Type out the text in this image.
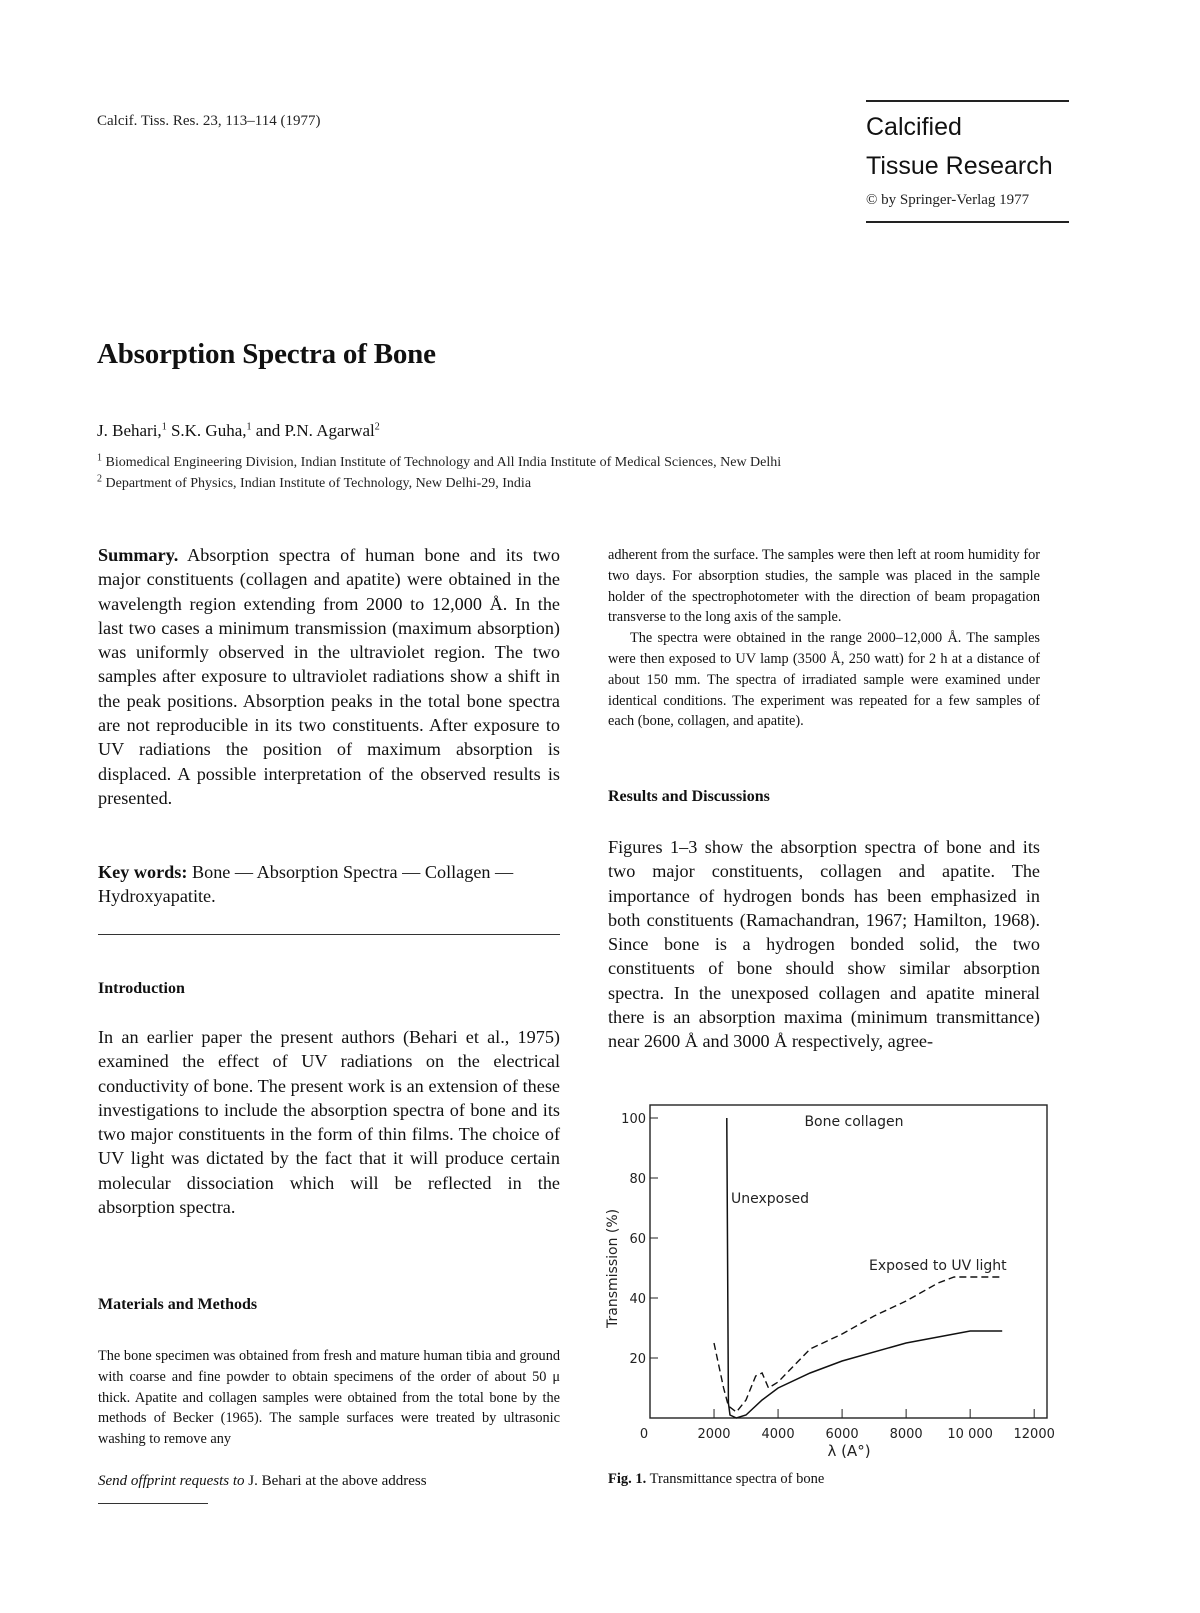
Calcif. Tiss. Res. 23, 113–114 (1977)	Calcified
Tissue Research
© by Springer-Verlag 1977
Absorption Spectra of Bone
J. Behari,$^1$ S.K. Guha,$^1$ and P.N. Agarwal$^2$
$^1$ Biomedical Engineering Division, Indian Institute of Technology and All India Institute of Medical Sciences, New Delhi
$^2$ Department of Physics, Indian Institute of Technology, New Delhi-29, India

Summary. Absorption spectra of human bone and its two major constituents (collagen and apatite) were obtained in the wavelength region extending from 2000 to 12,000 Å. In the last two cases a minimum transmission (maximum absorption) was uniformly observed in the ultraviolet region. The two samples after exposure to ultraviolet radiations show a shift in the peak positions. Absorption peaks in the total bone spectra are not reproducible in its two constituents. After exposure to UV radiations the position of maximum absorption is displaced. A possible interpretation of the observed results is presented.

Key words: Bone — Absorption Spectra — Collagen — Hydroxyapatite.

Introduction

In an earlier paper the present authors (Behari et al., 1975) examined the effect of UV radiations on the electrical conductivity of bone. The present work is an extension of these investigations to include the absorption spectra of bone and its two major constituents in the form of thin films. The choice of UV light was dictated by the fact that it will produce certain molecular dissociation which will be reflected in the absorption spectra.

Materials and Methods

The bone specimen was obtained from fresh and mature human tibia and ground with coarse and fine powder to obtain specimens of the order of about 50 μ thick. Apatite and collagen samples were obtained from the total bone by the methods of Becker (1965). The sample surfaces were treated by ultrasonic washing to remove any

Send offprint requests to J. Behari at the above address

adherent from the surface. The samples were then left at room humidity for two days. For absorption studies, the sample was placed in the sample holder of the spectrophotometer with the direction of beam propagation transverse to the long axis of the sample.

The spectra were obtained in the range 2000–12,000 Å. The samples were then exposed to UV lamp (3500 Å, 250 watt) for 2 h at a distance of about 150 mm. The spectra of irradiated sample were examined under identical conditions. The experiment was repeated for a few samples of each (bone, collagen, and apatite).

Results and Discussions

Figures 1–3 show the absorption spectra of bone and its two major constituents, collagen and apatite. The importance of hydrogen bonds has been emphasized in both constituents (Ramachandran, 1967; Hamilton, 1968). Since bone is a hydrogen bonded solid, the two constituents of bone should show similar absorption spectra. In the unexposed collagen and apatite mineral there is an absorption maxima (minimum transmittance) near 2600 Å and 3000 Å respectively, agree-

20
40
60
80
100
0	2000 4000 6000 8000 10 000 12000
Transmission (%)
λ (A°)
Bone collagen
Unexposed
Exposed to UV light
Fig. 1. Transmittance spectra of bone
